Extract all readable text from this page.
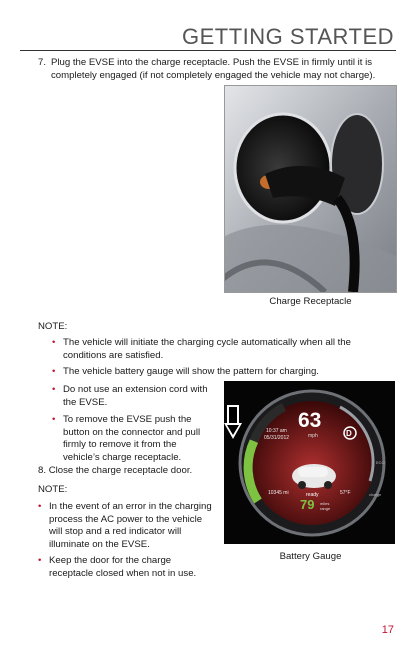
GETTING STARTED
7. Plug the EVSE into the charge receptacle. Push the EVSE in firmly until it is completely engaged (if not completely engaged the vehicle may not charge).
Charge Receptacle
NOTE:
• The vehicle will initiate the charging cycle automatically when all the conditions are satisfied.
• The vehicle battery gauge will show the pattern for charging.
• Do not use an extension cord with the EVSE.
• To remove the EVSE push the button on the connector and pull firmly to remove it from the vehicle’s charge receptacle.
8. Close the charge receptacle door.
NOTE:
• In the event of an error in the charging process the AC power to the vehicle will stop and a red indicator will illuminate on the EVSE.
• Keep the door for the charge receptacle closed when not in use.
63
mph
10:37 am
05/31/2012	D
ready
10345 mi	57°F
79 miles range
ECO
charge
Battery Gauge
17
